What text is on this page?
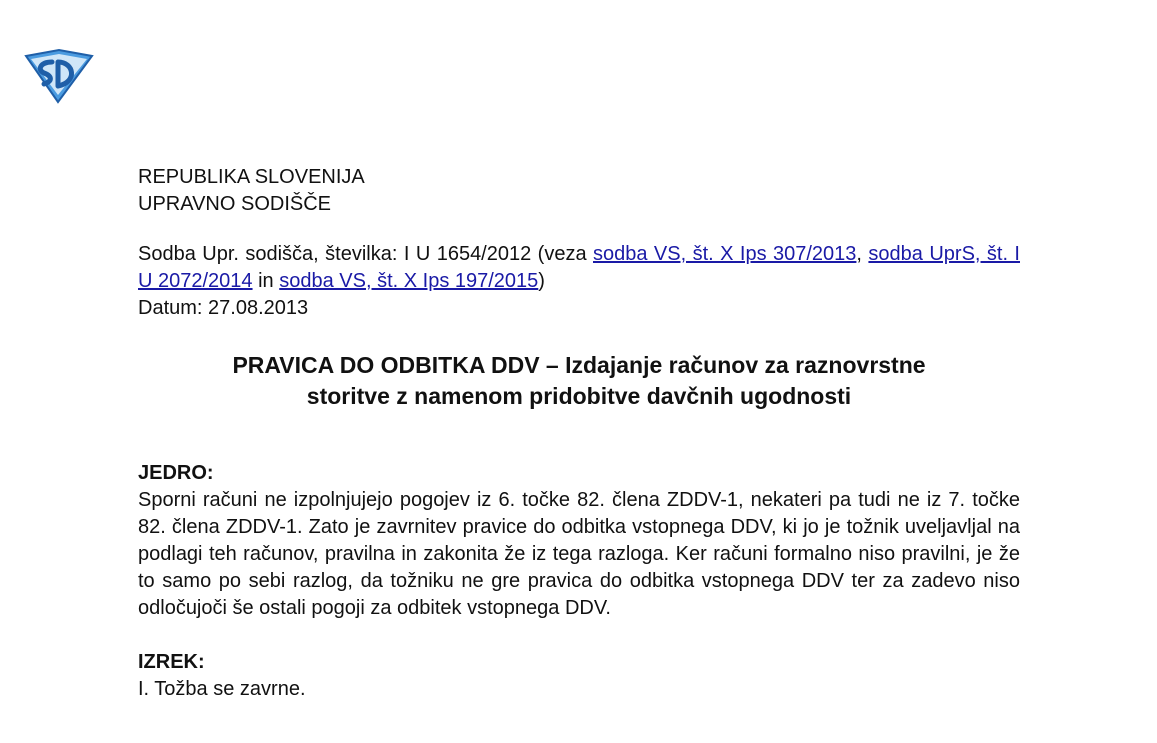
REPUBLIKA SLOVENIJA
UPRAVNO SODIŠČE
Sodba Upr. sodišča, številka: I U 1654/2012 (veza sodba VS, št. X Ips 307/2013, sodba UprS, št. I U 2072/2014 in sodba VS, št. X Ips 197/2015)
Datum: 27.08.2013
PRAVICA DO ODBITKA DDV – Izdajanje računov za raznovrstne
storitve z namenom pridobitve davčnih ugodnosti
JEDRO:
Sporni računi ne izpolnjujejo pogojev iz 6. točke 82. člena ZDDV-1, nekateri pa tudi ne iz 7. točke 82. člena ZDDV-1. Zato je zavrnitev pravice do odbitka vstopnega DDV, ki jo je tožnik uveljavljal na podlagi teh računov, pravilna in zakonita že iz tega razloga. Ker računi formalno niso pravilni, je že to samo po sebi razlog, da tožniku ne gre pravica do odbitka vstopnega DDV ter za zadevo niso odločujoči še ostali pogoji za odbitek vstopnega DDV.
IZREK:
I. Tožba se zavrne.
